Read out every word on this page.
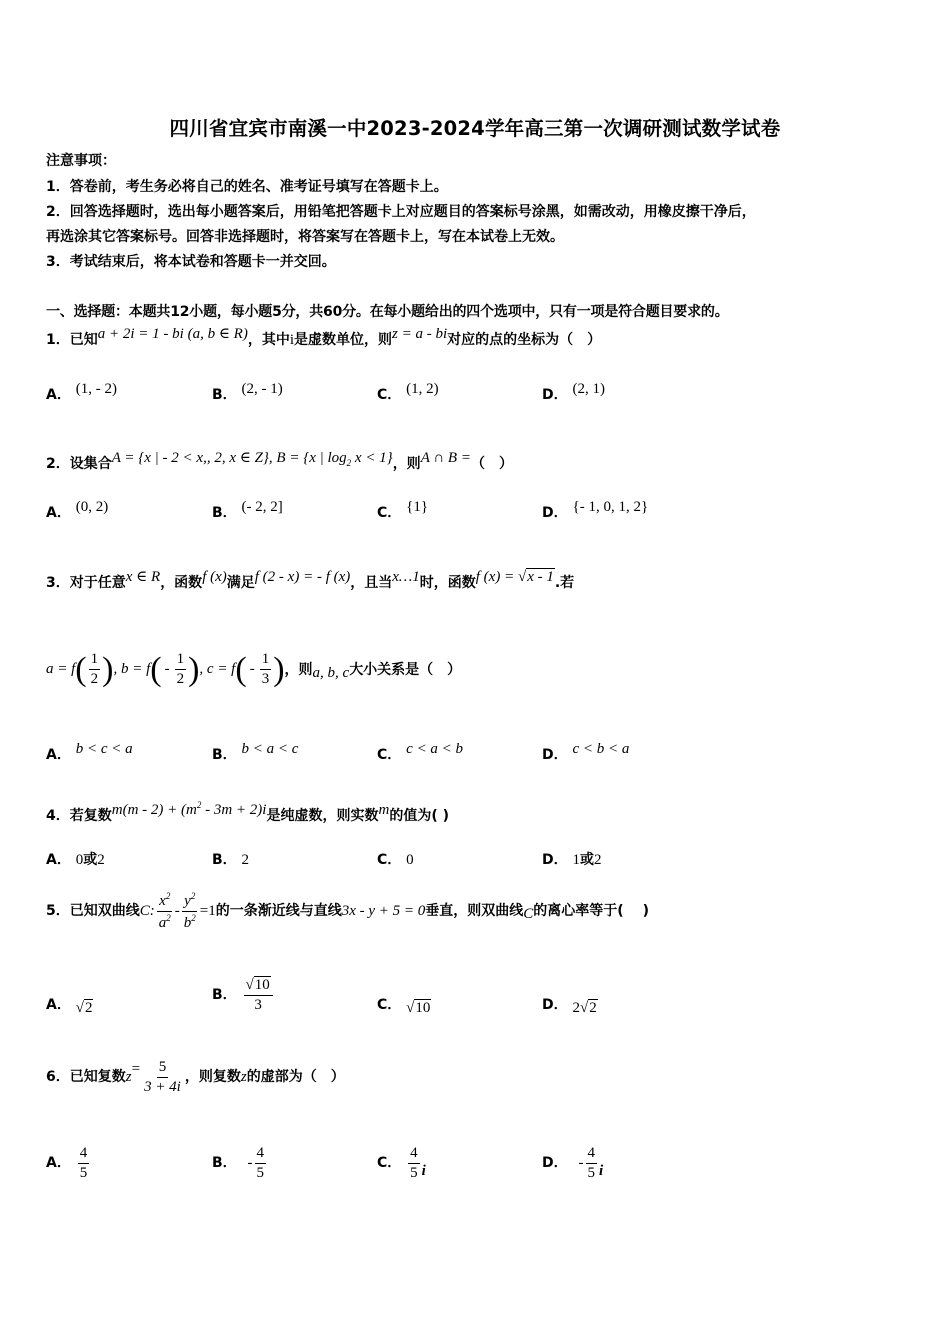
四川省宜宾市南溪一中2023-2024学年高三第一次调研测试数学试卷
注意事项：
1．答卷前，考生务必将自己的姓名、准考证号填写在答题卡上。
2．回答选择题时，选出每小题答案后，用铅笔把答题卡上对应题目的答案标号涂黑，如需改动，用橡皮擦干净后，
再选涂其它答案标号。回答非选择题时，将答案写在答题卡上，写在本试卷上无效。
3．考试结束后，将本试卷和答题卡一并交回。
一、选择题：本题共12小题，每小题5分，共60分。在每小题给出的四个选项中，只有一项是符合题目要求的。
1．已知a + 2i = 1 - bi (a, b ∈ R)，其中i是虚数单位，则z = a - bi对应的点的坐标为（　）
A． (1, - 2)	B． (2, - 1)	C． (1, 2)	D． (2, 1)
2．设集合A = {x | - 2 < x,, 2, x ∈ Z}, B = {x | $\log_2 x < 1$}，则A ∩ B =（　）
A． (0, 2)	B． (- 2, 2]	C． {1}	D． {- 1, 0, 1, 2}
3．对于任意x ∈ R，函数f (x)满足f (2 - x) = - f (x)，且当x…1时，函数f (x) = √x - 1.若
a = f ( $\frac{1}{2}$ ) , b = f ( - $\frac{1}{2}$ ) , c = f ( - $\frac{1}{3}$ ) ，则 a, b, c 大小关系是（　）
A． b < c < a	B． b < a < c	C． c < a < b	D． c < b < a
4．若复数$m(m - 2) + (m^2 - 3m + 2)i$是纯虚数，则实数m的值为( )
A． 0或2	B． 2	C． 0	D． 1或2
5．已知双曲线 C: $\frac{x^2}{a^2} - \frac{y^2}{b^2} =1$ 的一条渐近线与直线 3x - y + 5 = 0 垂直，则双曲线 C 的离心率等于( 　)
A． √2
B．
$\frac{√10}{3}$	C． √10	D． 2√2
6．已知复数 $z = \frac{5}{3 + 4i}$ ，则复数 z 的虚部为（　）
A．
$\frac{4}{5}$	B．
- $\frac{4}{5}$	C．
$\frac{4}{5}$ i	D．
- $\frac{4}{5}$ i
